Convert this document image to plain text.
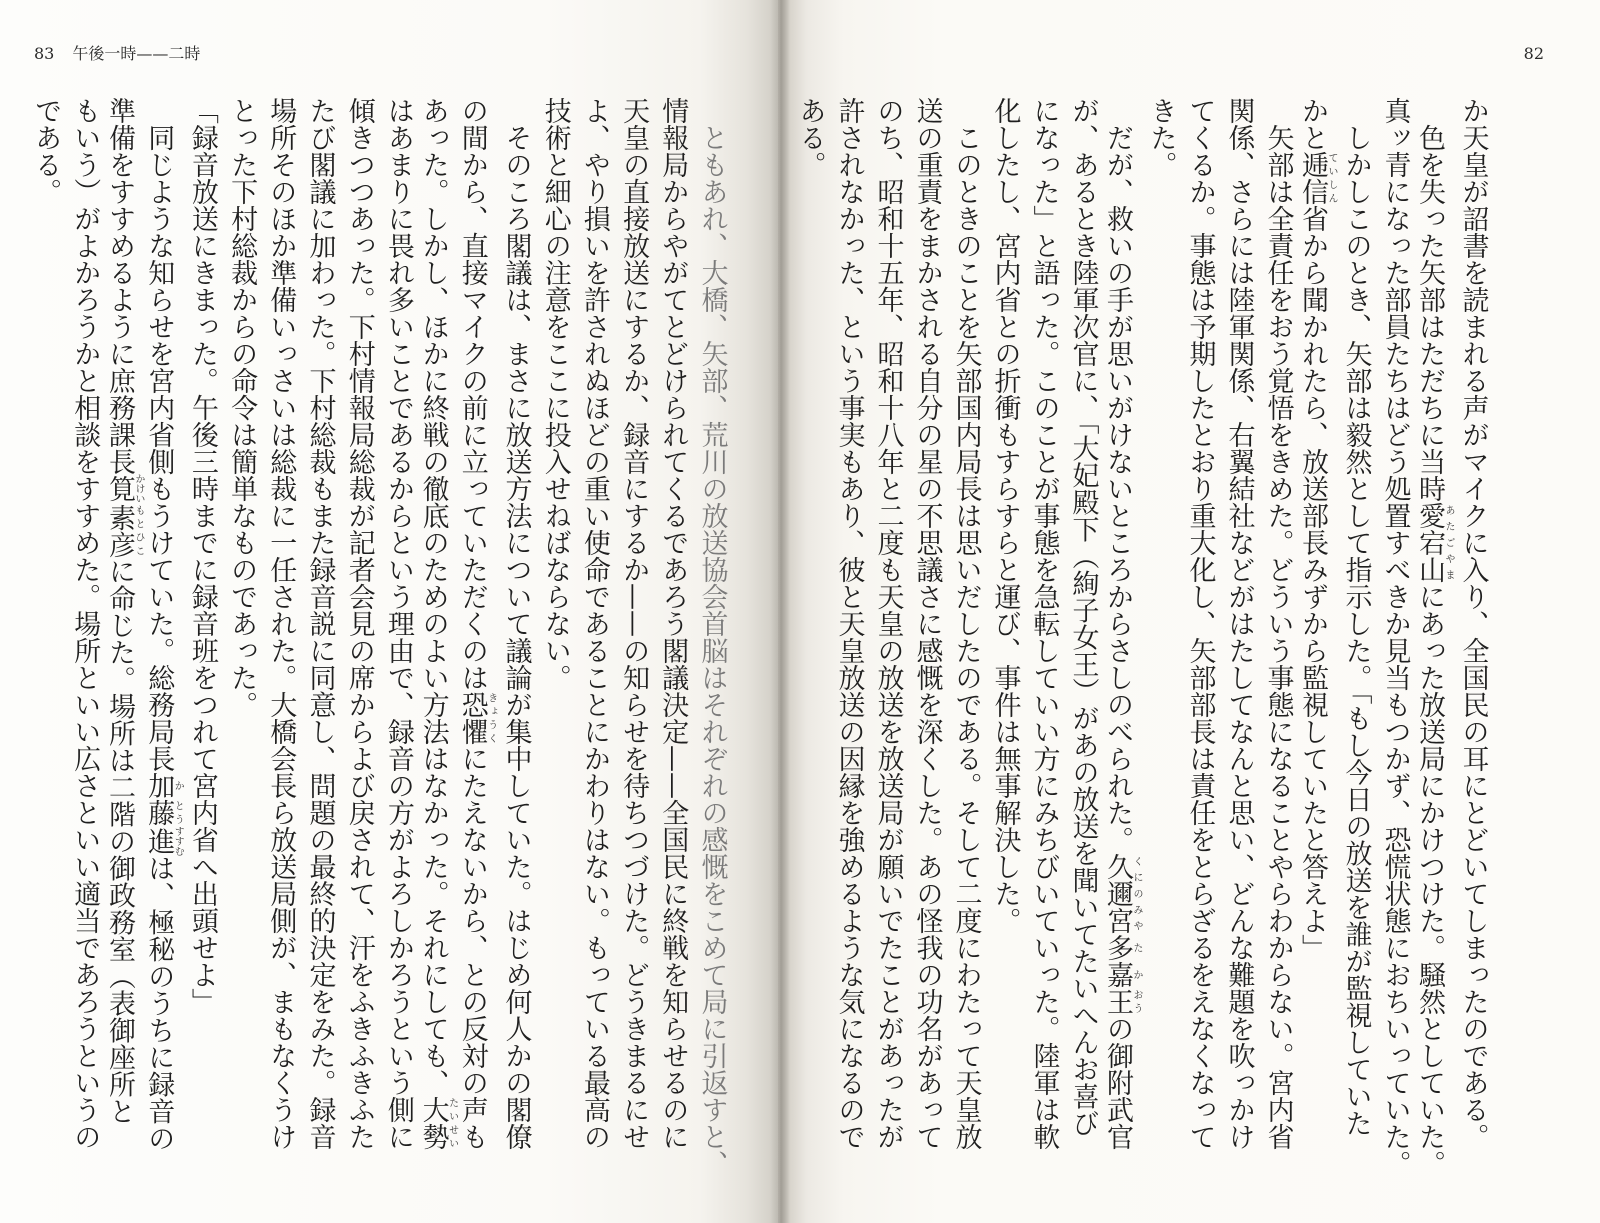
83 午後一時——二時
ともあれ、大橋、矢部、荒川の放送協会首脳はそれぞれの感慨をこめて局に引返すと、
情報局からやがてとどけられてくるであろう閣議決定——全国民に終戦を知らせるのに
天皇の直接放送にするか、録音にするか——の知らせを待ちつづけた。どうきまるにせ
よ、やり損いを許されぬほどの重い使命であることにかわりはない。もっている最高の
技術と細心の注意をここに投入せねばならない。
そのころ閣議は、まさに放送方法について議論が集中していた。はじめ何人かの閣僚
の間から、直接マイクの前に立っていただくのは恐懼きょうくにたえないから、との反対の声も
あった。しかし、ほかに終戦の徹底のためのよい方法はなかった。それにしても、大勢たいせい
はあまりに畏れ多いことであるからという理由で、録音の方がよろしかろうという側に
傾きつつあった。下村情報局総裁が記者会見の席からよび戻されて、汗をふきふきふた
たび閣議に加わった。下村総裁もまた録音説に同意し、問題の最終的決定をみた。録音
場所そのほか準備いっさいは総裁に一任された。大橋会長ら放送局側が、まもなくうけ
とった下村総裁からの命令は簡単なものであった。
「録音放送にきまった。午後三時までに録音班をつれて宮内省へ出頭せよ」
同じような知らせを宮内省側もうけていた。総務局長加か藤とう進すすむは、極秘のうちに録音の
準備をすすめるように庶務課長筧かけい素彦もとひこに命じた。場所は二階の御政務室（表御座所と
もいう）がよかろうかと相談をすすめた。場所といい広さといい適当であろうというの
である。
82
か天皇が詔書を読まれる声がマイクに入り、全国民の耳にとどいてしまったのである。
色を失った矢部はただちに当時愛宕山あたごやまにあった放送局にかけつけた。騒然としていた。
真ッ青になった部員たちはどう処置すべきか見当もつかず、恐慌状態におちいっていた。
しかしこのとき、矢部は毅然として指示した。「もし今日の放送を誰が監視していた
かと逓信ていしん省から聞かれたら、放送部長みずから監視していたと答えよ」
矢部は全責任をおう覚悟をきめた。どういう事態になることやらわからない。宮内省
関係、さらには陸軍関係、右翼結社などがはたしてなんと思い、どんな難題を吹っかけ
てくるか。事態は予期したとおり重大化し、矢部部長は責任をとらざるをえなくなって
きた。
だが、救いの手が思いがけないところからさしのべられた。久邇宮くにのみや多た嘉か王おうの御附武官
が、あるとき陸軍次官に、「大妃殿下（絢子女王）があの放送を聞いてたいへんお喜び
になった」と語った。このことが事態を急転していい方にみちびいていった。陸軍は軟
化したし、宮内省との折衝もすらすらと運び、事件は無事解決した。
このときのことを矢部国内局長は思いだしたのである。そして二度にわたって天皇放
送の重責をまかされる自分の星の不思議さに感慨を深くした。あの怪我の功名があって
のち、昭和十五年、昭和十八年と二度も天皇の放送を放送局が願いでたことがあったが
許されなかった、という事実もあり、彼と天皇放送の因縁を強めるような気になるので
ある。
